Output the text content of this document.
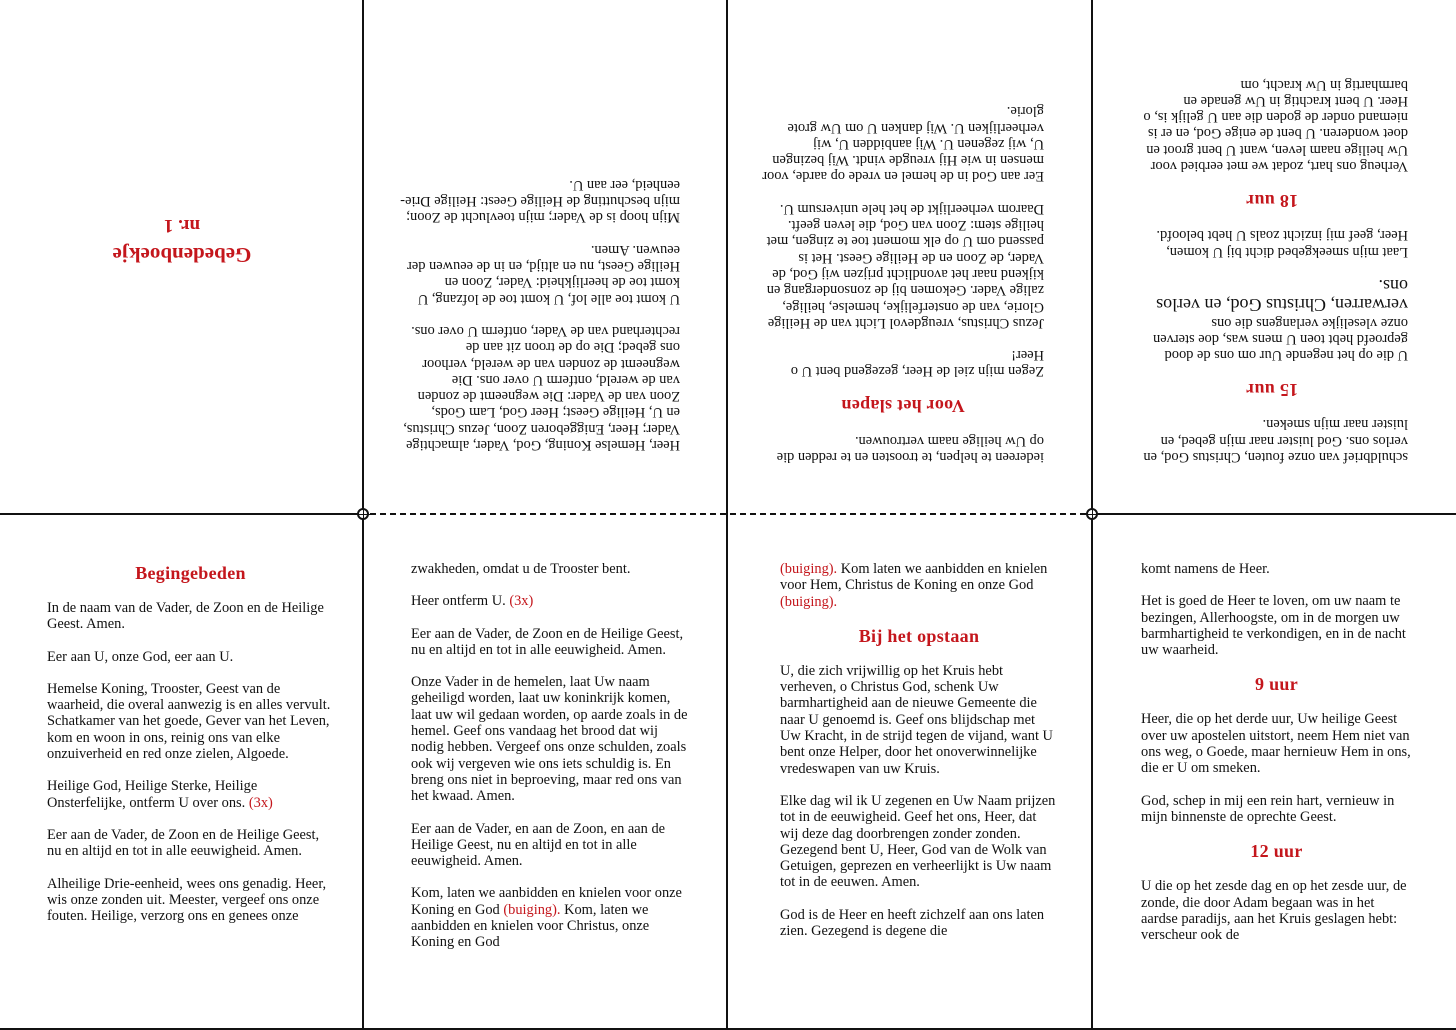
Gebedenboekje
nr. 1

Heer, Hemelse Koning, God, Vader, almachtige Vader; Heer, Eniggeboren Zoon, Jezus Christus, en U, Heilige Geest; Heer God, Lam Gods, Zoon van de Vader: Die wegneemt de zonden van de wereld, ontferm U over ons. Die wegneemt de zonden van de wereld, verhoor ons gebed; Die op de troon zit aan de rechterhand van de Vader, ontferm U over ons.

U komt toe alle lof, U komt toe de lofzang, U komt toe de heerlijkheid: Vader, Zoon en Heilige Geest, nu en altijd, en in de eeuwen der eeuwen. Amen.

Mijn hoop is de Vader; mijn toevlucht de Zoon; mijn beschutting de Heilige Geest: Heilige Drie-eenheid, eer aan U.

iedereen te helpen, te troosten en te redden die op Uw heilige naam vertrouwen.

Voor het slapen

Zegen mijn ziel de Heer, gezegend bent U o Heer!

Jezus Christus, vreugdevol Licht van de Heilige Glorie, van de onsterfelijke, hemelse, heilige, zalige Vader. Gekomen bij de zonsondergang en kijkend naar het avondlicht prijzen wij God, de Vader, de Zoon en de Heilige Geest. Het is passend om U op elk moment toe te zingen, met heilige stem: Zoon van God, die leven geeft. Daarom verheerlijkt de het hele universum U.

Eer aan God in de hemel en vrede op aarde, voor mensen in wie Hij vreugde vindt. Wij bezingen U, wij zegenen U. Wij aanbidden U, wij verheerlijken U. Wij danken U om Uw grote glorie.

schuldbrief van onze fouten, Christus God, en verlos ons. God luister naar mijn gebed, en luister naar mijn smeken.

15 uur

U die op het negende Uur om ons de dood geproefd hebt toen U mens was, doe sterven onze vleselijke verlangens die ons verwarren, Christus God, en verlos ons.

Laat mijn smeekgebed dicht bij U komen, Heer, geef mij inzicht zoals U hebt beloofd.

18 uur

Verheug ons hart, zodat we met eerbied voor Uw heilige naam leven, want U bent groot en doet wonderen. U bent de enige God, en er is niemand onder de goden die aan U gelijk is, o Heer. U bent krachtig in Uw genade en barmhartig in Uw kracht, om

Begingebeden

In de naam van de Vader, de Zoon en de Heilige Geest. Amen.

Eer aan U, onze God, eer aan U.

Hemelse Koning, Trooster, Geest van de waarheid, die overal aanwezig is en alles vervult. Schatkamer van het goede, Gever van het Leven, kom en woon in ons, reinig ons van elke onzuiverheid en red onze zielen, Algoede.

Heilige God, Heilige Sterke, Heilige Onsterfelijke, ontferm U over ons. (3x)

Eer aan de Vader, de Zoon en de Heilige Geest, nu en altijd en tot in alle eeuwigheid. Amen.

Alheilige Drie-eenheid, wees ons genadig. Heer, wis onze zonden uit. Meester, vergeef ons onze fouten. Heilige, verzorg ons en genees onze

zwakheden, omdat u de Trooster bent.

Heer ontferm U. (3x)

Eer aan de Vader, de Zoon en de Heilige Geest, nu en altijd en tot in alle eeuwigheid. Amen.

Onze Vader in de hemelen, laat Uw naam geheiligd worden, laat uw koninkrijk komen, laat uw wil gedaan worden, op aarde zoals in de hemel. Geef ons vandaag het brood dat wij nodig hebben. Vergeef ons onze schulden, zoals ook wij vergeven wie ons iets schuldig is. En breng ons niet in beproeving, maar red ons van het kwaad. Amen.

Eer aan de Vader, en aan de Zoon, en aan de Heilige Geest, nu en altijd en tot in alle eeuwigheid. Amen.

Kom, laten we aanbidden en knielen voor onze Koning en God (buiging). Kom, laten we aanbidden en knielen voor Christus, onze Koning en God

(buiging). Kom laten we aanbidden en knielen voor Hem, Christus de Koning en onze God (buiging).

Bij het opstaan

U, die zich vrijwillig op het Kruis hebt verheven, o Christus God, schenk Uw barmhartigheid aan de nieuwe Gemeente die naar U genoemd is. Geef ons blijdschap met Uw Kracht, in de strijd tegen de vijand, want U bent onze Helper, door het onoverwinnelijke vredeswapen van uw Kruis.

Elke dag wil ik U zegenen en Uw Naam prijzen tot in de eeuwigheid. Geef het ons, Heer, dat wij deze dag doorbrengen zonder zonden. Gezegend bent U, Heer, God van de Wolk van Getuigen, geprezen en verheerlijkt is Uw naam tot in de eeuwen. Amen.

God is de Heer en heeft zichzelf aan ons laten zien. Gezegend is degene die

komt namens de Heer.

Het is goed de Heer te loven, om uw naam te bezingen, Allerhoogste, om in de morgen uw barmhartigheid te verkondigen, en in de nacht uw waarheid.

9 uur

Heer, die op het derde uur, Uw heilige Geest over uw apostelen uitstort, neem Hem niet van ons weg, o Goede, maar hernieuw Hem in ons, die er U om smeken.

God, schep in mij een rein hart, vernieuw in mijn binnenste de oprechte Geest.

12 uur

U die op het zesde dag en op het zesde uur, de zonde, die door Adam begaan was in het aardse paradijs, aan het Kruis geslagen hebt: verscheur ook de
